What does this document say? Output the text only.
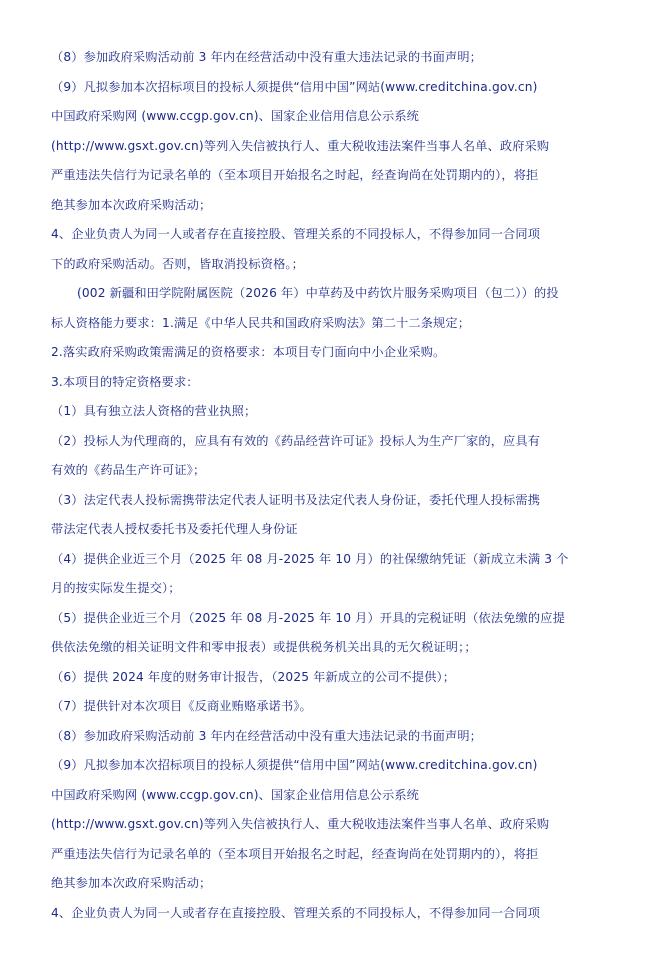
（8）参加政府采购活动前 3 年内在经营活动中没有重大违法记录的书面声明；
（9）凡拟参加本次招标项目的投标人须提供“信用中国”网站(www.creditchina.gov.cn)
中国政府采购网 (www.ccgp.gov.cn)、国家企业信用信息公示系统
(http://www.gsxt.gov.cn)等列入失信被执行人、重大税收违法案件当事人名单、政府采购
严重违法失信行为记录名单的（至本项目开始报名之时起，经查询尚在处罚期内的），将拒
绝其参加本次政府采购活动；
4、企业负责人为同一人或者存在直接控股、管理关系的不同投标人，不得参加同一合同项
下的政府采购活动。否则，皆取消投标资格。；
(002 新疆和田学院附属医院（2026 年）中草药及中药饮片服务采购项目（包二））的投
标人资格能力要求：1.满足《中华人民共和国政府采购法》第二十二条规定；
2.落实政府采购政策需满足的资格要求：本项目专门面向中小企业采购。
3.本项目的特定资格要求：
（1）具有独立法人资格的营业执照；
（2）投标人为代理商的，应具有有效的《药品经营许可证》投标人为生产厂家的，应具有
有效的《药品生产许可证》；
（3）法定代表人投标需携带法定代表人证明书及法定代表人身份证，委托代理人投标需携
带法定代表人授权委托书及委托代理人身份证
（4）提供企业近三个月（2025 年 08 月-2025 年 10 月）的社保缴纳凭证（新成立未满 3 个
月的按实际发生提交）；
（5）提供企业近三个月（2025 年 08 月-2025 年 10 月）开具的完税证明（依法免缴的应提
供依法免缴的相关证明文件和零申报表）或提供税务机关出具的无欠税证明；；
（6）提供 2024 年度的财务审计报告，（2025 年新成立的公司不提供）；
（7）提供针对本次项目《反商业贿赂承诺书》。
（8）参加政府采购活动前 3 年内在经营活动中没有重大违法记录的书面声明；
（9）凡拟参加本次招标项目的投标人须提供“信用中国”网站(www.creditchina.gov.cn)
中国政府采购网 (www.ccgp.gov.cn)、国家企业信用信息公示系统
(http://www.gsxt.gov.cn)等列入失信被执行人、重大税收违法案件当事人名单、政府采购
严重违法失信行为记录名单的（至本项目开始报名之时起，经查询尚在处罚期内的），将拒
绝其参加本次政府采购活动；
4、企业负责人为同一人或者存在直接控股、管理关系的不同投标人，不得参加同一合同项
